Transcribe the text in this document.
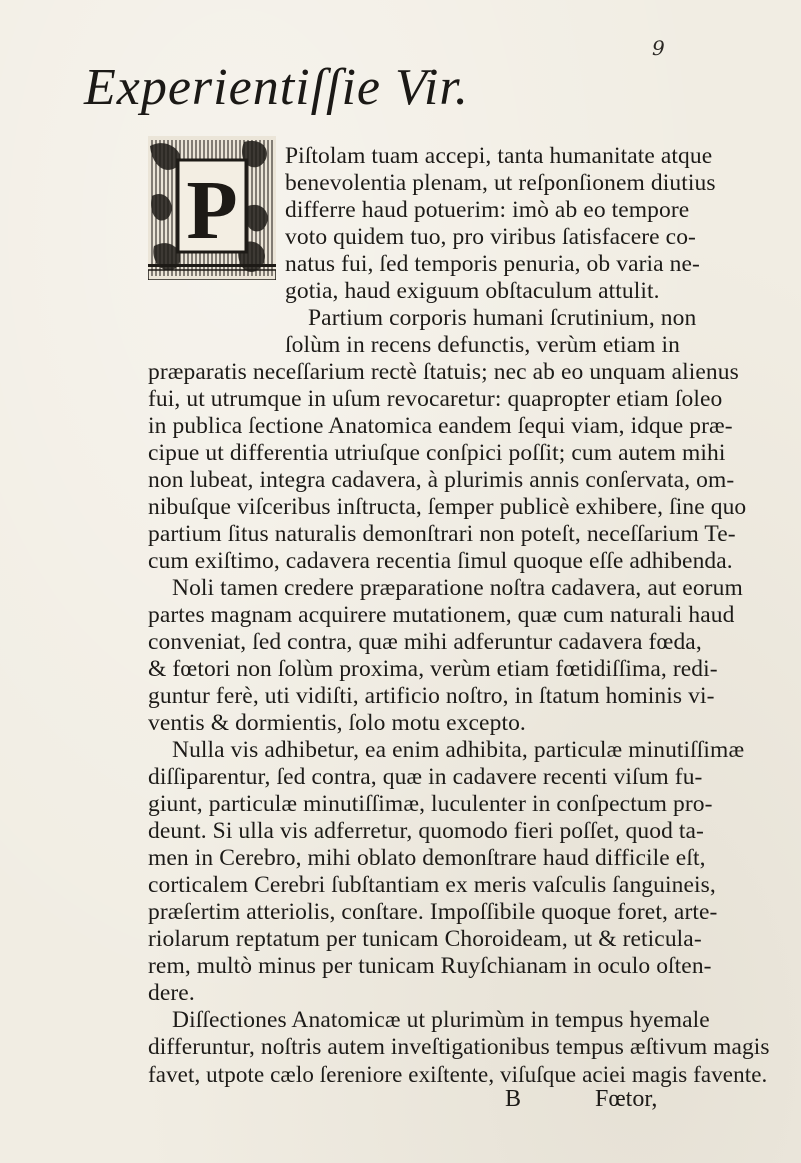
9
Experientiſſie Vir.
P
Piſtolam tuam accepi, tanta humanitate atque
benevolentia plenam, ut reſponſionem diutius
differre haud potuerim: imò ab eo tempore
voto quidem tuo, pro viribus ſatisfacere co-
natus fui, ſed temporis penuria, ob varia ne-
gotia, haud exiguum obſtaculum attulit.
Partium corporis humani ſcrutinium, non
ſolùm in recens defunctis, verùm etiam in
præparatis neceſſarium rectè ſtatuis; nec ab eo unquam alienus
fui, ut utrumque in uſum revocaretur: quapropter etiam ſoleo
in publica ſectione Anatomica eandem ſequi viam, idque præ-
cipue ut differentia utriuſque conſpici poſſit; cum autem mihi
non lubeat, integra cadavera, à plurimis annis conſervata, om-
nibuſque viſceribus inſtructa, ſemper publicè exhibere, ſine quo
partium ſitus naturalis demonſtrari non poteſt, neceſſarium Te-
cum exiſtimo, cadavera recentia ſimul quoque eſſe adhibenda.
Noli tamen credere præparatione noſtra cadavera, aut eorum
partes magnam acquirere mutationem, quæ cum naturali haud
conveniat, ſed contra, quæ mihi adferuntur cadavera fœda,
& fœtori non ſolùm proxima, verùm etiam fœtidiſſima, redi-
guntur ferè, uti vidiſti, artificio noſtro, in ſtatum hominis vi-
ventis & dormientis, ſolo motu excepto.
Nulla vis adhibetur, ea enim adhibita, particulæ minutiſſimæ
diſſiparentur, ſed contra, quæ in cadavere recenti viſum fu-
giunt, particulæ minutiſſimæ, luculenter in conſpectum pro-
deunt. Si ulla vis adferretur, quomodo fieri poſſet, quod ta-
men in Cerebro, mihi oblato demonſtrare haud difficile eſt,
corticalem Cerebri ſubſtantiam ex meris vaſculis ſanguineis,
præſertim atteriolis, conſtare. Impoſſibile quoque foret, arte-
riolarum reptatum per tunicam Choroideam, ut & reticula-
rem, multò minus per tunicam Ruyſchianam in oculo oſten-
dere.
Diſſectiones Anatomicæ ut plurimùm in tempus hyemale
differuntur, noſtris autem inveſtigationibus tempus æſtivum magis
favet, utpote cælo ſereniore exiſtente, viſuſque aciei magis favente.
B	Fœtor,
